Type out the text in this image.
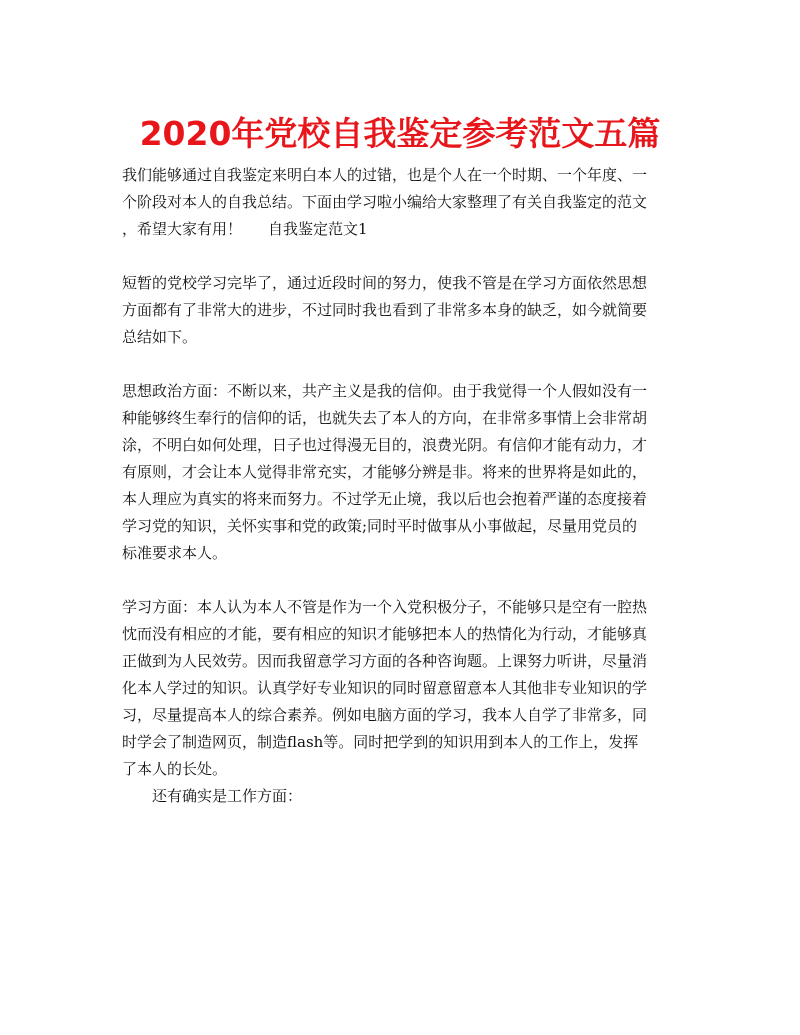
2020年党校自我鉴定参考范文五篇
我们能够通过自我鉴定来明白本人的过错，也是个人在一个时期、一个年度、一
个阶段对本人的自我总结。下面由学习啦小编给大家整理了有关自我鉴定的范文
，希望大家有用！ 自我鉴定范文1
短暂的党校学习完毕了，通过近段时间的努力，使我不管是在学习方面依然思想
方面都有了非常大的进步，不过同时我也看到了非常多本身的缺乏，如今就简要
总结如下。
思想政治方面：不断以来，共产主义是我的信仰。由于我觉得一个人假如没有一
种能够终生奉行的信仰的话，也就失去了本人的方向，在非常多事情上会非常胡
涂，不明白如何处理，日子也过得漫无目的，浪费光阴。有信仰才能有动力，才
有原则，才会让本人觉得非常充实，才能够分辨是非。将来的世界将是如此的，
本人理应为真实的将来而努力。不过学无止境，我以后也会抱着严谨的态度接着
学习党的知识，关怀实事和党的政策;同时平时做事从小事做起，尽量用党员的
标准要求本人。
学习方面：本人认为本人不管是作为一个入党积极分子，不能够只是空有一腔热
忱而没有相应的才能，要有相应的知识才能够把本人的热情化为行动，才能够真
正做到为人民效劳。因而我留意学习方面的各种咨询题。上课努力听讲，尽量消
化本人学过的知识。认真学好专业知识的同时留意留意本人其他非专业知识的学
习，尽量提高本人的综合素养。例如电脑方面的学习，我本人自学了非常多，同
时学会了制造网页，制造flash等。同时把学到的知识用到本人的工作上，发挥
了本人的长处。
还有确实是工作方面：
